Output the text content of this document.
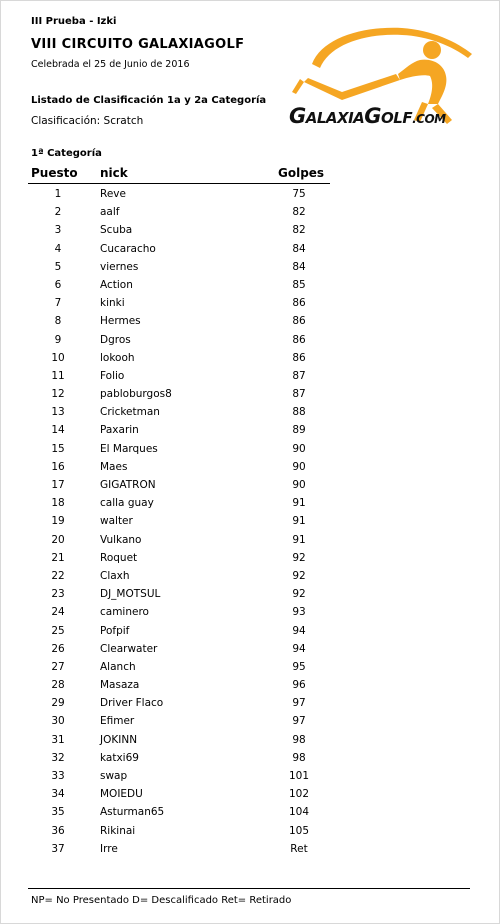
III Prueba - Izki
VIII CIRCUITO GALAXIAGOLF
Celebrada el 25 de Junio de 2016
Listado de Clasificación 1a y 2a Categoría
Clasificación: Scratch	GALAXIAGOLF.COM
1ª Categoría
Puesto nick	Golpes
1	Reve	75
2	aalf	82
3	Scuba	82
4	Cucaracho	84
5	viernes	84
6	Action	85
7	kinki	86
8	Hermes	86
9	Dgros	86
10	lokooh	86
11	Folio	87
12	pabloburgos8	87
13	Cricketman	88
14	Paxarin	89
15	El Marques	90
16	Maes	90
17	GIGATRON	90
18	calla guay	91
19	walter	91
20	Vulkano	91
21	Roquet	92
22	Claxh	92
23	DJ_MOTSUL	92
24	caminero	93
25	Pofpif	94
26	Clearwater	94
27	Alanch	95
28	Masaza	96
29	Driver Flaco	97
30	Efimer	97
31	JOKINN	98
32	katxi69	98
33	swap	101
34	MOIEDU	102
35	Asturman65	104
36	Rikinai	105
37	Irre	Ret
NP= No Presentado D= Descalificado Ret= Retirado
